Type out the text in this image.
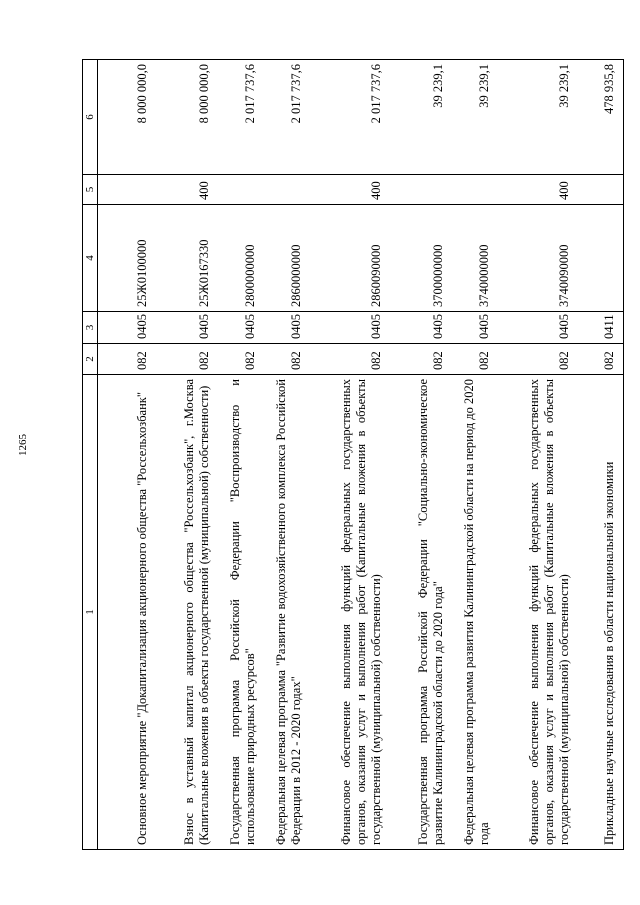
1265
1	2	3	4	5	6
Основное мероприятие "Докапитализация акционерного общества "Россельхозбанк"	082	0405	25Ж0100000		8 000 000,0
Взнос в уставный капитал акционерного общества "Россельхозбанк", г.Москва (Капитальные вложения в объекты государственной (муниципальной) собственности)	082	0405	25Ж0167330	400	8 000 000,0
Государственная программа Российской Федерации "Воспроизводство и использование природных ресурсов"	082	0405	2800000000		2 017 737,6
Федеральная целевая программа "Развитие водохозяйственного комплекса Российской Федерации в 2012 - 2020 годах"	082	0405	2860000000		2 017 737,6
Финансовое обеспечение выполнения функций федеральных государственных органов, оказания услуг и выполнения работ (Капитальные вложения в объекты государственной (муниципальной) собственности)	082	0405	2860090000	400	2 017 737,6
Государственная программа Российской Федерации "Социально-экономическое развитие Калининградской области до 2020 года"	082	0405	3700000000		39 239,1
Федеральная целевая программа развития Калининградской области на период до 2020 года	082	0405	3740000000		39 239,1
Финансовое обеспечение выполнения функций федеральных государственных органов, оказания услуг и выполнения работ (Капитальные вложения в объекты государственной (муниципальной) собственности)	082	0405	3740090000	400	39 239,1
Прикладные научные исследования в области национальной экономики	082	0411			478 935,8
